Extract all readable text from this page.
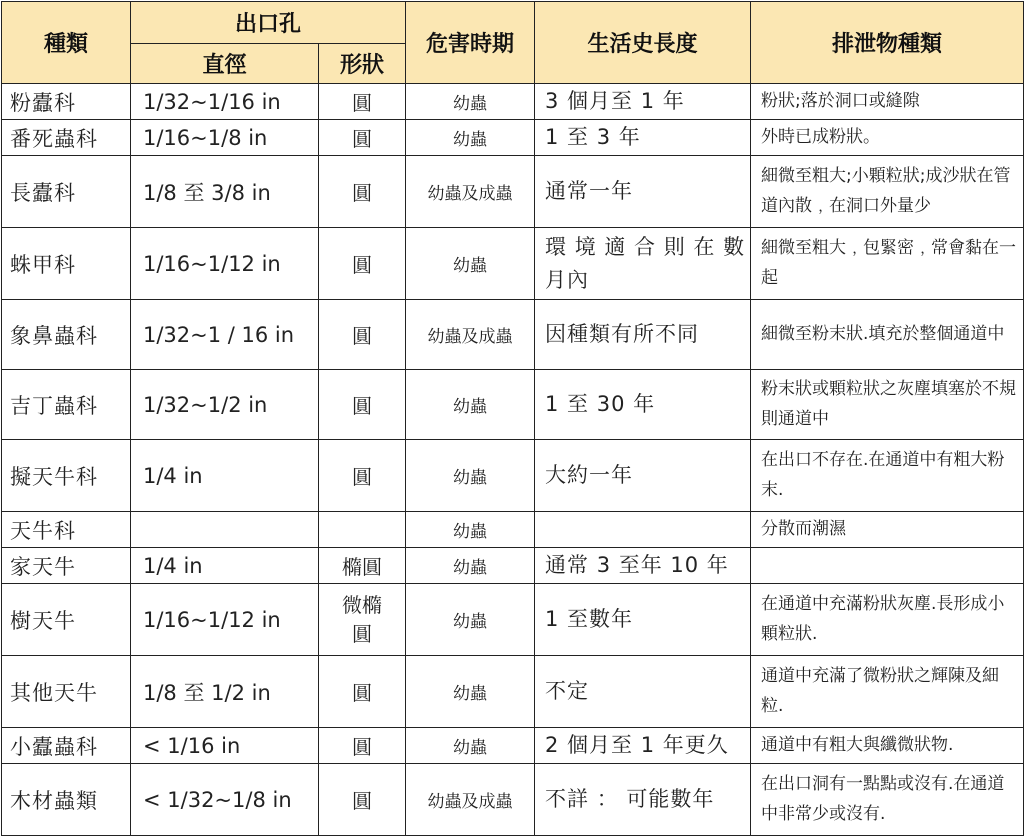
種類	出口孔		危害時期	生活史長度	排泄物種類
	直徑	形狀			
粉蠹科	1/32~1/16 in	圓	幼蟲	3 個月至 1 年	粉狀;落於洞口或縫隙
番死蟲科	1/16~1/8 in	圓	幼蟲	1 至 3 年	外時已成粉狀。
長蠹科	1/8 至 3/8 in	圓	幼蟲及成蟲	通常一年	細微至粗大;小顆粒狀;成沙狀在管道內散﹐在洞口外量少
蛛甲科	1/16~1/12 in	圓	幼蟲	環 境 適 合 則 在 數 月內	細微至粗大﹐包緊密﹐常會黏在一起
象鼻蟲科	1/32~1 / 16 in	圓	幼蟲及成蟲	因種類有所不同	細微至粉末狀.填充於整個通道中
吉丁蟲科	1/32~1/2 in	圓	幼蟲	1 至 30 年	粉末狀或顆粒狀之灰塵填塞於不規則通道中
擬天牛科	1/4 in	圓	幼蟲	大約一年	在出口不存在.在通道中有粗大粉末.
天牛科			幼蟲		分散而潮濕
家天牛	1/4 in	橢圓	幼蟲	通常 3 至年 10 年	
樹天牛	1/16~1/12 in	微橢圓	幼蟲	1 至數年	在通道中充滿粉狀灰塵.長形成小顆粒狀.
其他天牛	1/8 至 1/2 in	圓	幼蟲	不定	通道中充滿了微粉狀之輝陳及細粒.
小蠹蟲科	< 1/16 in	圓	幼蟲	2 個月至 1 年更久	通道中有粗大與纖微狀物.
木材蟲類	< 1/32~1/8 in	圓	幼蟲及成蟲	不詳 ： 可能數年	在出口洞有一點點或沒有.在通道中非常少或沒有.
